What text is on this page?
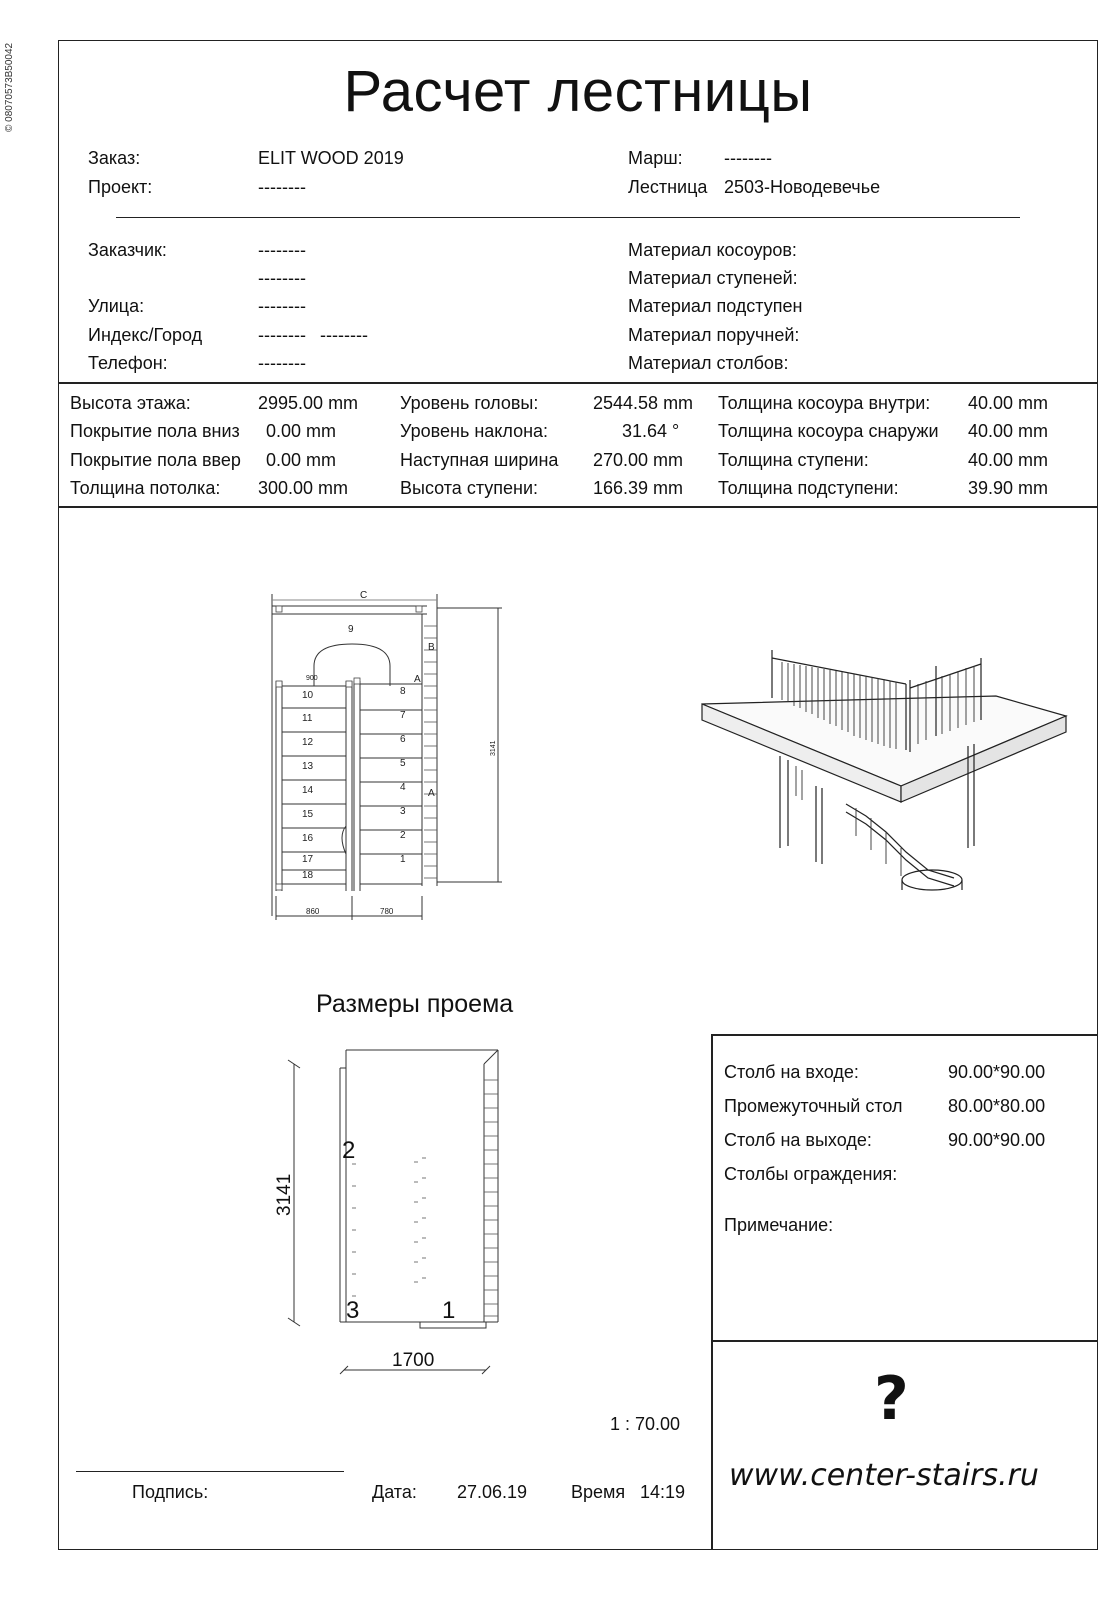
© 08070573B50042	Расчет лестницы
Заказ:	ELIT WOOD 2019
Проект:	--------
Марш: --------
Лестница 2503-Новодевечье
Заказчик:	--------
--------
Улица:	--------
Индекс/Город	-------- --------
Телефон:	--------
Материал косоуров:
Материал ступеней:
Материал подступен
Материал поручней:
Материал столбов:
Высота этажа:	2995.00 mm Уровень головы:	2544.58 mm Толщина косоура внутри: 40.00 mm
Покрытие пола вниз 0.00 mm	Уровень наклона:	31.64 ° Толщина косоура снаружи 40.00 mm
Покрытие пола ввер 0.00 mm	Наступная ширина 270.00 mm Толщина ступени:	40.00 mm
Толщина потолка: 300.00 mm	Высота ступени:	166.39 mm Толщина подступени:	39.90 mm
C
9
B
A
A
900
3141
860	780
10
11
12
13
14
15
16
17
18
8
7
6
5
4
3
2
1
Размеры проема
3141
2
3	1
1700
Столб на входе:	90.00*90.00
Промежуточный стол	80.00*80.00
Столб на выходе:	90.00*90.00
Столбы ограждения:
Примечание:
?
www.center-stairs.ru
1 : 70.00
Подпись:	Дата: 27.06.19 Время 14:19
